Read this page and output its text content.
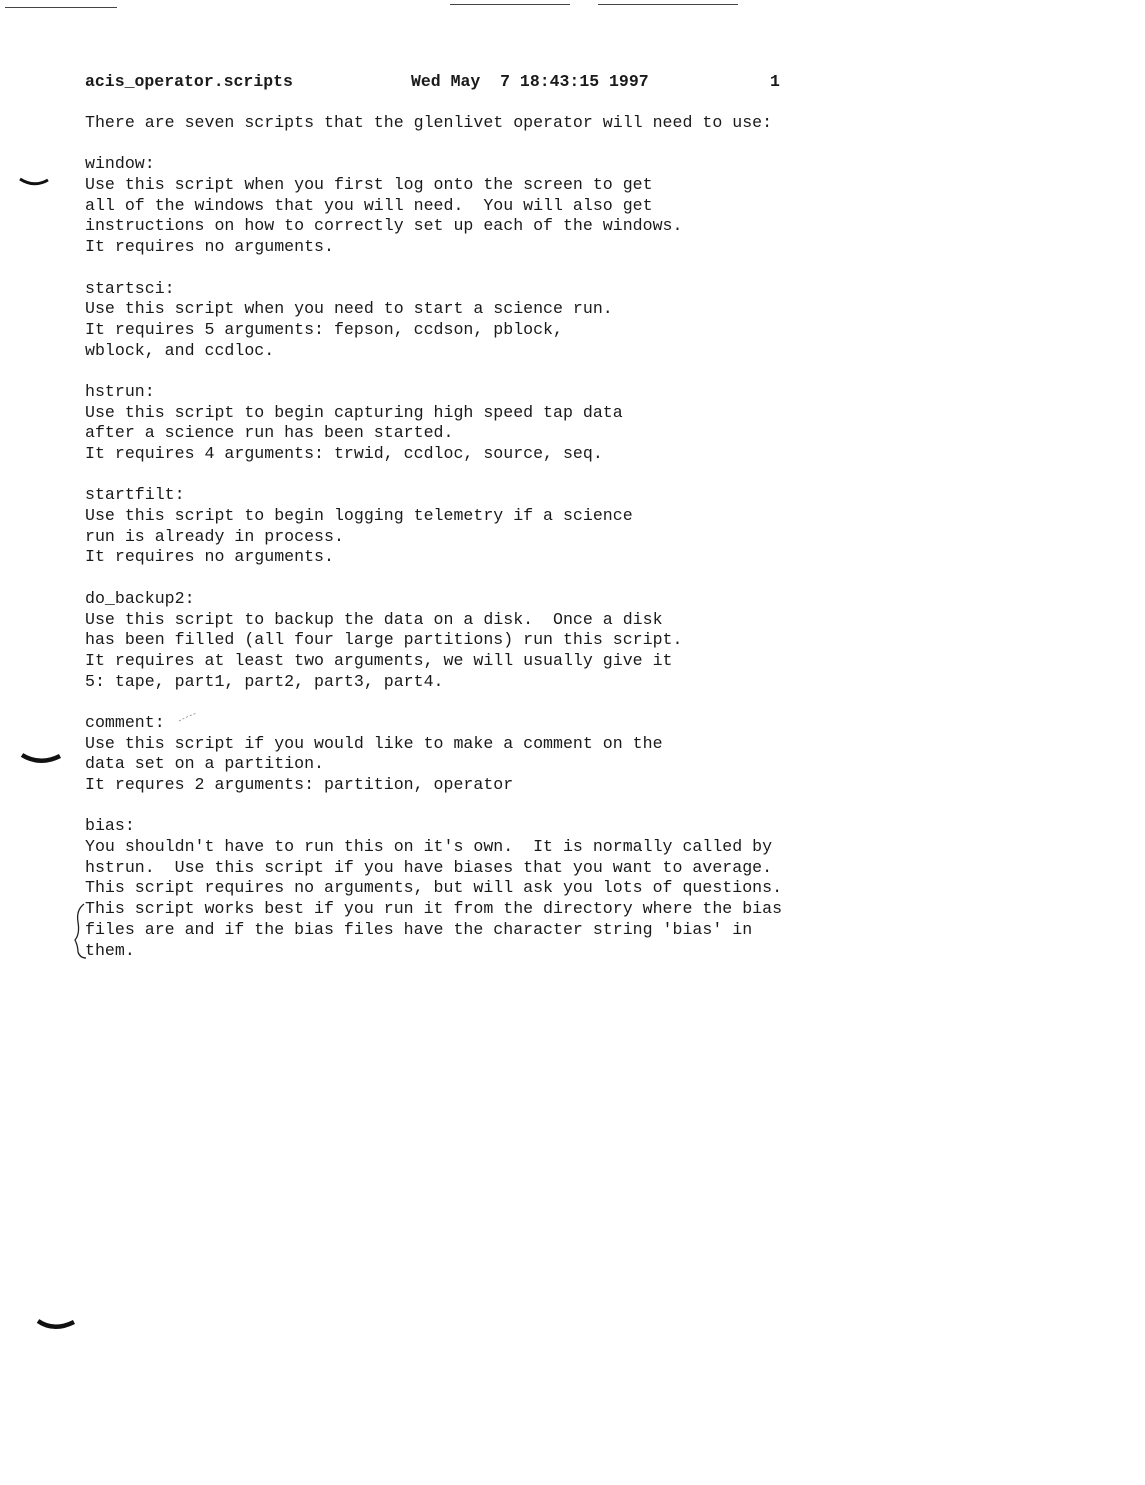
acis_operator.scripts

	Wed May  7 18:43:15 1997

	1

There are seven scripts that the glenlivet operator will need to use:
window:
Use this script when you first log onto the screen to get
all of the windows that you will need.  You will also get
instructions on how to correctly set up each of the windows.
It requires no arguments.
startsci:
Use this script when you need to start a science run.
It requires 5 arguments: fepson, ccdson, pblock,
wblock, and ccdloc.
hstrun:
Use this script to begin capturing high speed tap data
after a science run has been started.
It requires 4 arguments: trwid, ccdloc, source, seq.
startfilt:
Use this script to begin logging telemetry if a science
run is already in process.
It requires no arguments.
do_backup2:
Use this script to backup the data on a disk.  Once a disk
has been filled (all four large partitions) run this script.
It requires at least two arguments, we will usually give it
5: tape, part1, part2, part3, part4.
comment:
Use this script if you would like to make a comment on the
data set on a partition.
It requres 2 arguments: partition, operator
bias:
You shouldn't have to run this on it's own.  It is normally called by
hstrun.  Use this script if you have biases that you want to average.
This script requires no arguments, but will ask you lots of questions.
This script works best if you run it from the directory where the bias
files are and if the bias files have the character string 'bias' in
them.
